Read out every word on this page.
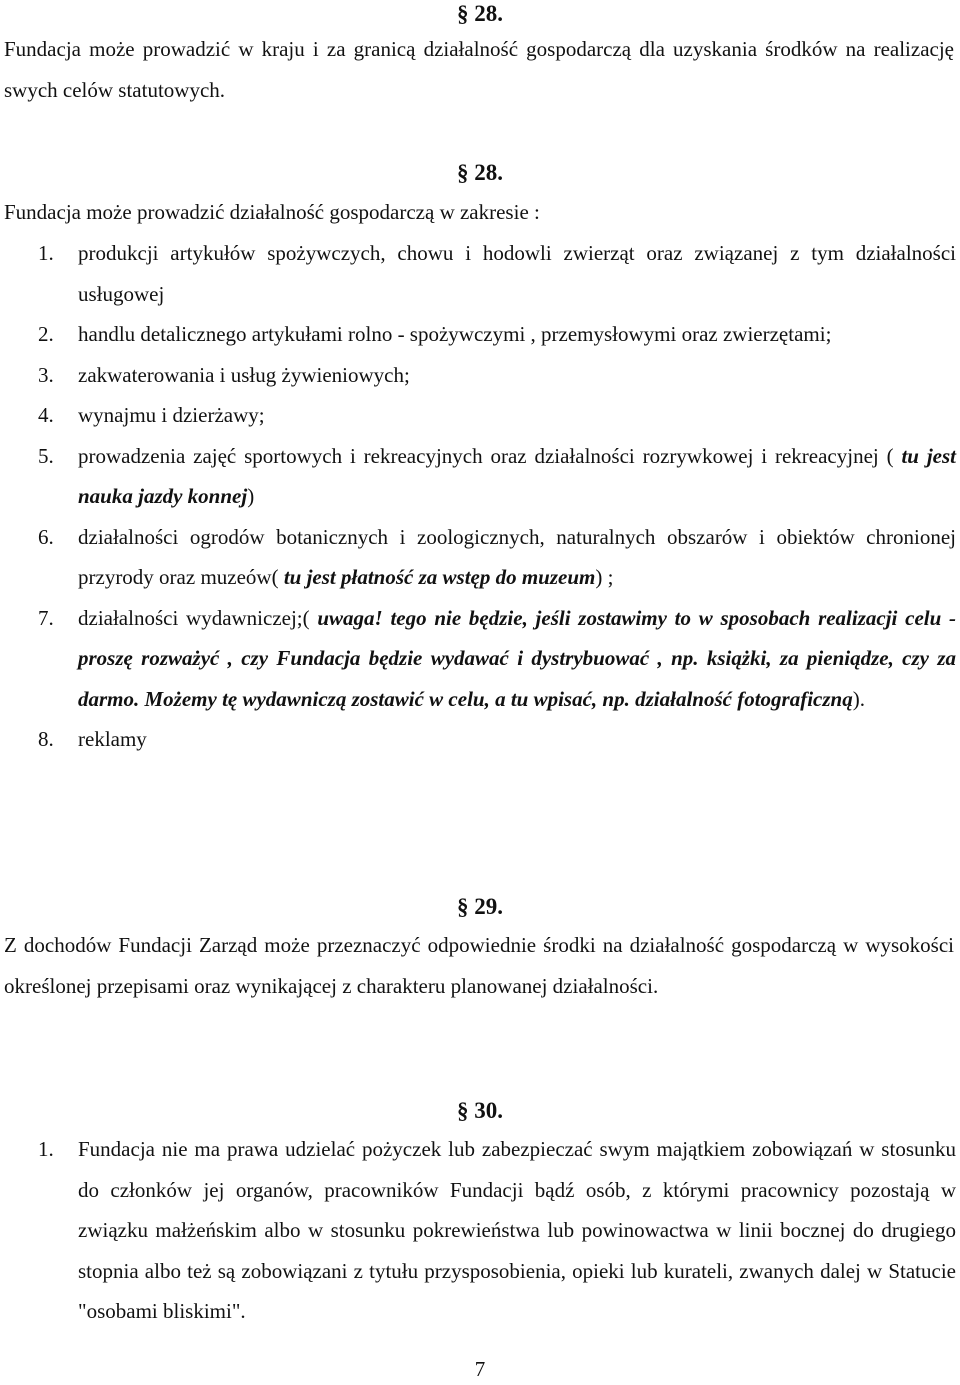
§ 28.

Fundacja może prowadzić w kraju i za granicą działalność gospodarczą dla uzyskania środków na realizację swych celów statutowych.

§ 28.

Fundacja może prowadzić działalność gospodarczą w zakresie :

1. produkcji artykułów spożywczych, chowu i hodowli zwierząt oraz związanej z tym działalności usługowej
2. handlu detalicznego artykułami rolno - spożywczymi , przemysłowymi oraz zwierzętami;
3. zakwaterowania i usług żywieniowych;
4. wynajmu i dzierżawy;
5. prowadzenia zajęć sportowych i rekreacyjnych oraz działalności rozrywkowej i rekreacyjnej ( tu jest nauka jazdy konnej)
6. działalności ogrodów botanicznych i zoologicznych, naturalnych obszarów i obiektów chronionej przyrody oraz muzeów( tu jest płatność za wstęp do muzeum) ;
7. działalności wydawniczej;( uwaga! tego nie będzie, jeśli zostawimy to w sposobach realizacji celu - proszę rozważyć , czy Fundacja będzie wydawać i dystrybuować , np. książki, za pieniądze, czy za darmo. Możemy tę wydawniczą zostawić w celu, a tu wpisać, np. działalność fotograficzną).
8. reklamy
§ 29.

Z dochodów Fundacji Zarząd może przeznaczyć odpowiednie środki na działalność gospodarczą w wysokości określonej przepisami oraz wynikającej z charakteru planowanej działalności.

§ 30.
1. Fundacja nie ma prawa udzielać pożyczek lub zabezpieczać swym majątkiem zobowiązań w stosunku do członków jej organów, pracowników Fundacji bądź osób, z którymi pracownicy pozostają w związku małżeńskim albo w stosunku pokrewieństwa lub powinowactwa w linii bocznej do drugiego stopnia albo też są zobowiązani z tytułu przysposobienia, opieki lub kurateli, zwanych dalej w Statucie "osobami bliskimi".
7
